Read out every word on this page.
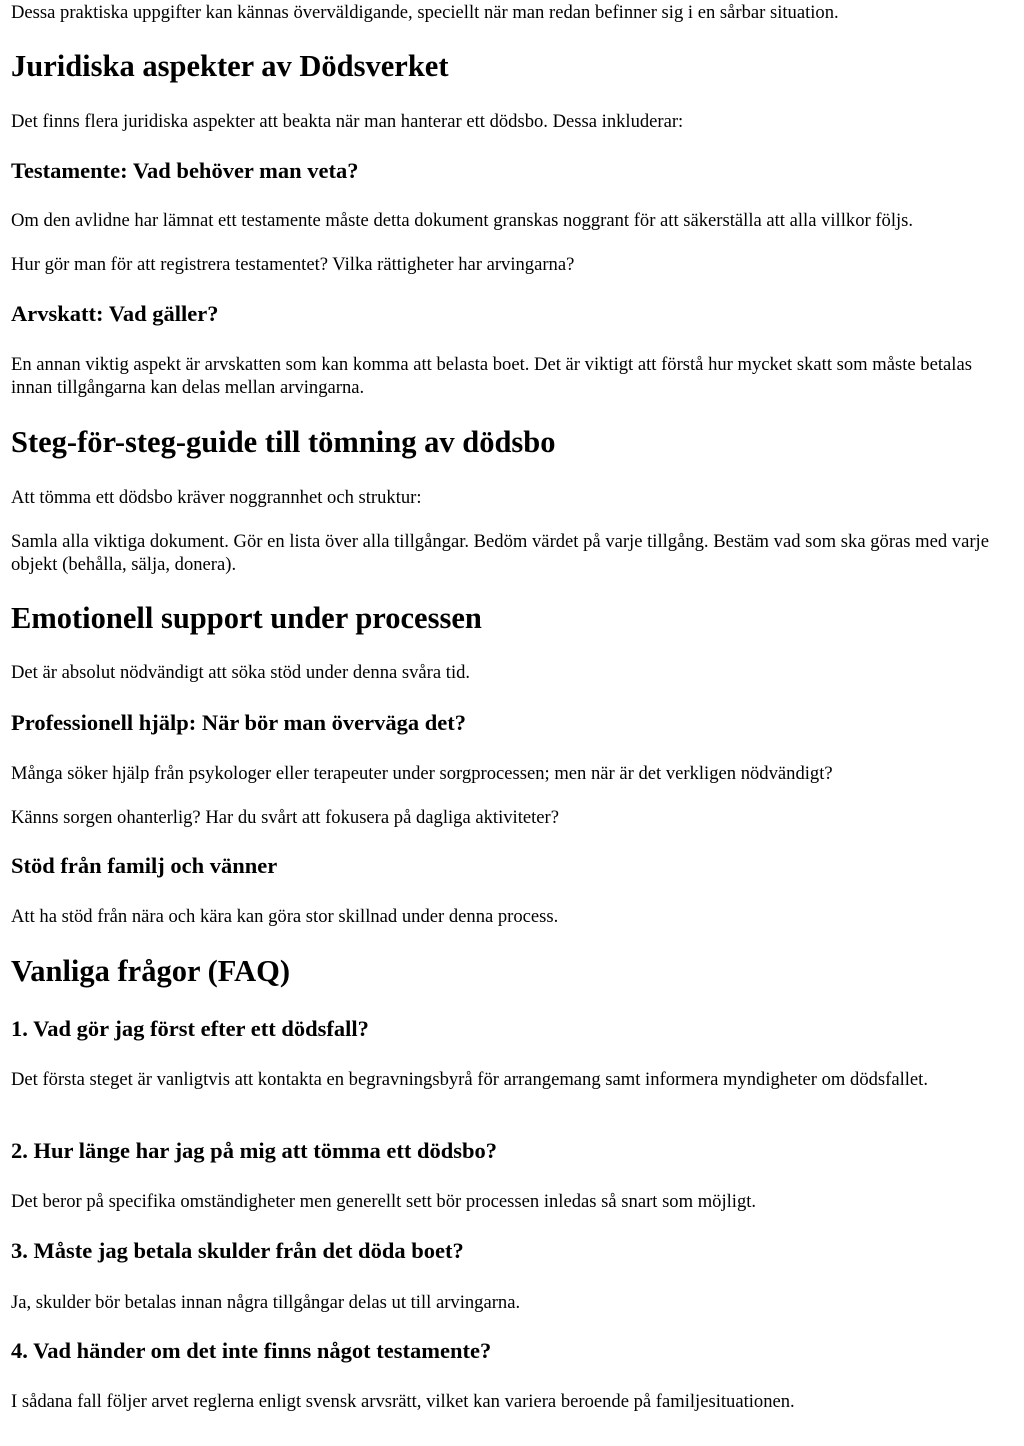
Dessa praktiska uppgifter kan kännas överväldigande, speciellt när man redan befinner sig i en sårbar situation.

Juridiska aspekter av Dödsverket

Det finns flera juridiska aspekter att beakta när man hanterar ett dödsbo. Dessa inkluderar:

Testamente: Vad behöver man veta?

Om den avlidne har lämnat ett testamente måste detta dokument granskas noggrant för att säkerställa att alla villkor följs.

Hur gör man för att registrera testamentet? Vilka rättigheter har arvingarna?

Arvskatt: Vad gäller?

En annan viktig aspekt är arvskatten som kan komma att belasta boet. Det är viktigt att förstå hur mycket skatt som måste betalas innan tillgångarna kan delas mellan arvingarna.

Steg-för-steg-guide till tömning av dödsbo

Att tömma ett dödsbo kräver noggrannhet och struktur:

Samla alla viktiga dokument. Gör en lista över alla tillgångar. Bedöm värdet på varje tillgång. Bestäm vad som ska göras med varje objekt (behålla, sälja, donera).

Emotionell support under processen

Det är absolut nödvändigt att söka stöd under denna svåra tid.

Professionell hjälp: När bör man överväga det?

Många söker hjälp från psykologer eller terapeuter under sorgprocessen; men när är det verkligen nödvändigt?

Känns sorgen ohanterlig? Har du svårt att fokusera på dagliga aktiviteter?

Stöd från familj och vänner

Att ha stöd från nära och kära kan göra stor skillnad under denna process.

Vanliga frågor (FAQ)
1. Vad gör jag först efter ett dödsfall?

Det första steget är vanligtvis att kontakta en begravningsbyrå för arrangemang samt informera myndigheter om dödsfallet.

2. Hur länge har jag på mig att tömma ett dödsbo?

Det beror på specifika omständigheter men generellt sett bör processen inledas så snart som möjligt.

3. Måste jag betala skulder från det döda boet?

Ja, skulder bör betalas innan några tillgångar delas ut till arvingarna.

4. Vad händer om det inte finns något testamente?

I sådana fall följer arvet reglerna enligt svensk arvsrätt, vilket kan variera beroende på familjesituationen.
